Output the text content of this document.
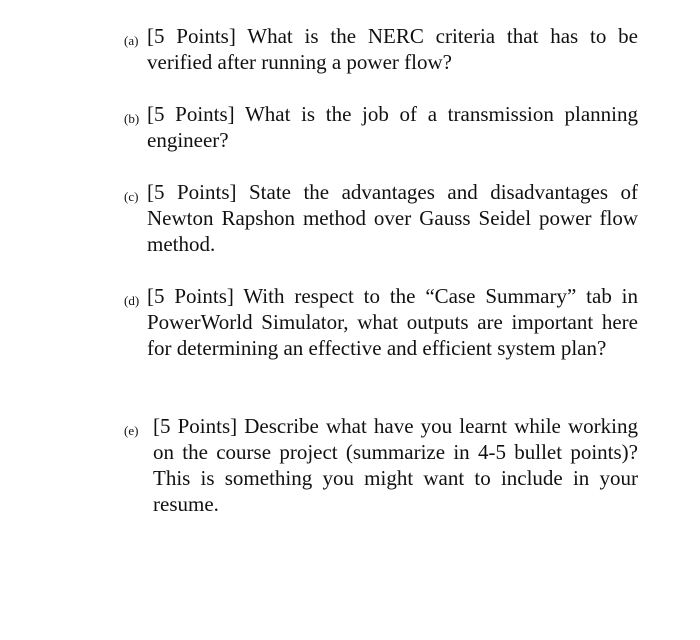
(a) [5 Points] What is the NERC criteria that has to be verified after running a power flow?
(b) [5 Points] What is the job of a transmission planning engineer?
(c) [5 Points] State the advantages and disadvantages of Newton Rapshon method over Gauss Seidel power flow method.
(d) [5 Points] With respect to the “Case Summary” tab in PowerWorld Simulator, what outputs are important here for determining an effective and efficient system plan?
(e) [5 Points] Describe what have you learnt while working on the course project (summarize in 4-5 bullet points)? This is something you might want to include in your resume.
